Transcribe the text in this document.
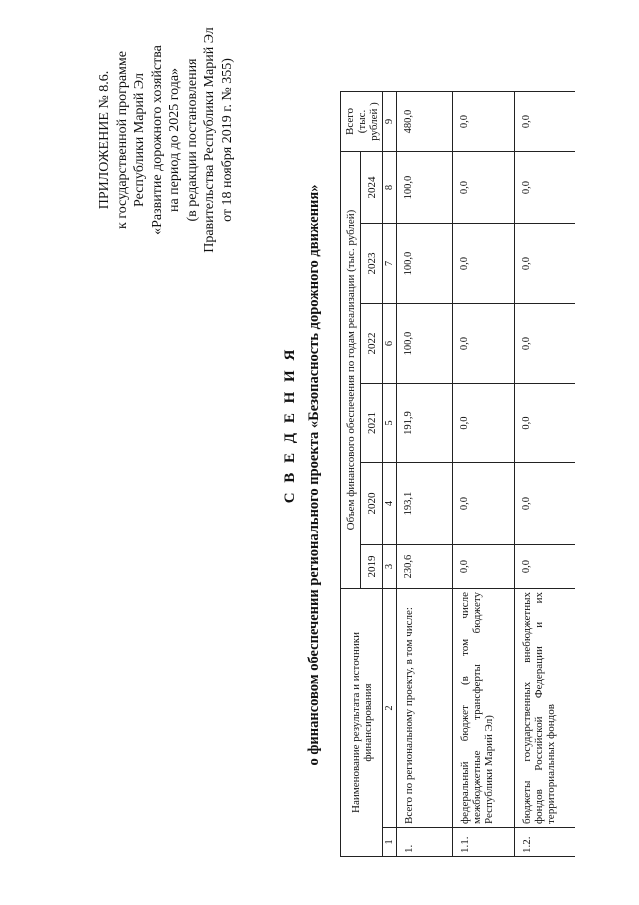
ПРИЛОЖЕНИЕ № 8.6. к государственной программе Республики Марий Эл «Развитие дорожного хозяйства на период до 2025 года» (в редакции постановления Правительства Республики Марий Эл от 18 ноября 2019 г. № 355)
С В Е Д Е Н И Я о финансовом обеспечении регионального проекта «Безопасность дорожного движения»	Наименование результата и источники финансирования		Объем финансового обеспечения по годам реализации (тыс. рублей)						Всего (тыс. рублей )
		2019	2020	2021	2022	2023	2024	
1	2	3	4	5	6	7	8	9
1.	Всего по региональному проекту, в том числе:	230,6	193,1	191,9	100,0	100,0	100,0	480,0
1.1.	федеральный бюджет (в том числе межбюджетные трансферты бюджету Республики Марий Эл)	0,0	0,0	0,0	0,0	0,0	0,0	0,0
1.2.	бюджеты государственных внебюджетных фондов Российской Федерации и их территориальных фондов	0,0	0,0	0,0	0,0	0,0	0,0	0,0
